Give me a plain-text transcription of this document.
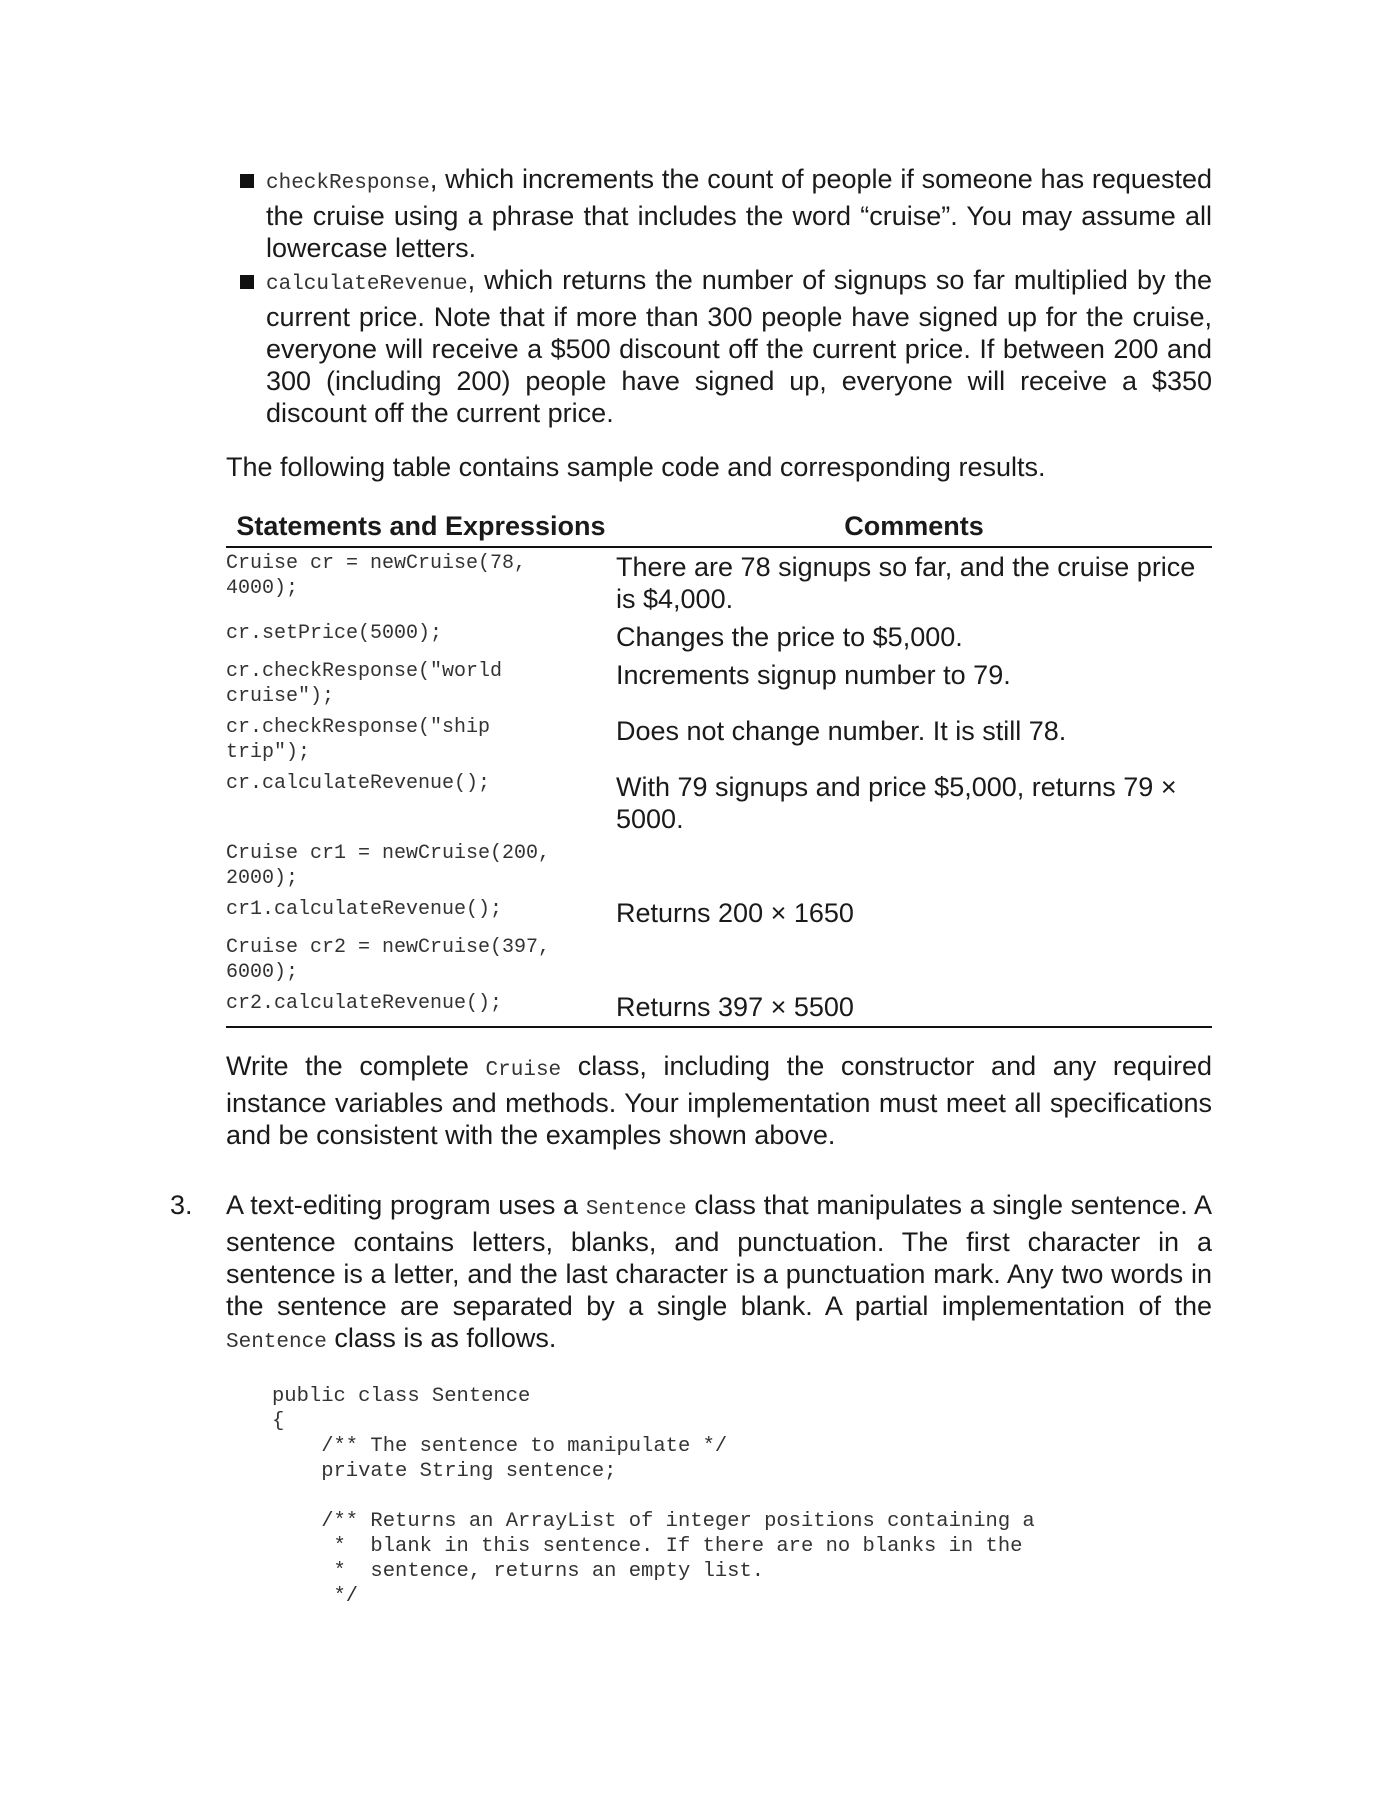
checkResponse, which increments the count of people if someone has requested the cruise using a phrase that includes the word “cruise”. You may assume all lowercase letters.
calculateRevenue, which returns the number of signups so far multiplied by the current price. Note that if more than 300 people have signed up for the cruise, everyone will receive a $500 discount off the current price. If between 200 and 300 (including 200) people have signed up, everyone will receive a $350 discount off the current price.
The following table contains sample code and corresponding results.
Statements and Expressions	Comments
Cruise cr = newCruise(78,
4000);	There are 78 signups so far, and the cruise price is $4,000.
cr.setPrice(5000);	Changes the price to $5,000.
cr.checkResponse("world
cruise");	Increments signup number to 79.
cr.checkResponse("ship
trip");	Does not change number. It is still 78.
cr.calculateRevenue();	With 79 signups and price $5,000, returns 79 × 5000.
Cruise cr1 = newCruise(200,
2000);	
cr1.calculateRevenue();	Returns 200 × 1650
Cruise cr2 = newCruise(397,
6000);	
cr2.calculateRevenue();	Returns 397 × 5500
Write the complete Cruise class, including the constructor and any required instance variables and methods. Your implementation must meet all specifications and be consistent with the examples shown above.
3. A text-editing program uses a Sentence class that manipulates a single sentence. A sentence contains letters, blanks, and punctuation. The first character in a sentence is a letter, and the last character is a punctuation mark. Any two words in the sentence are separated by a single blank. A partial implementation of the Sentence class is as follows.
public class Sentence
{
/** The sentence to manipulate */
private String sentence;

/** Returns an ArrayList of integer positions containing a
*  blank in this sentence. If there are no blanks in the
*  sentence, returns an empty list.
*/
